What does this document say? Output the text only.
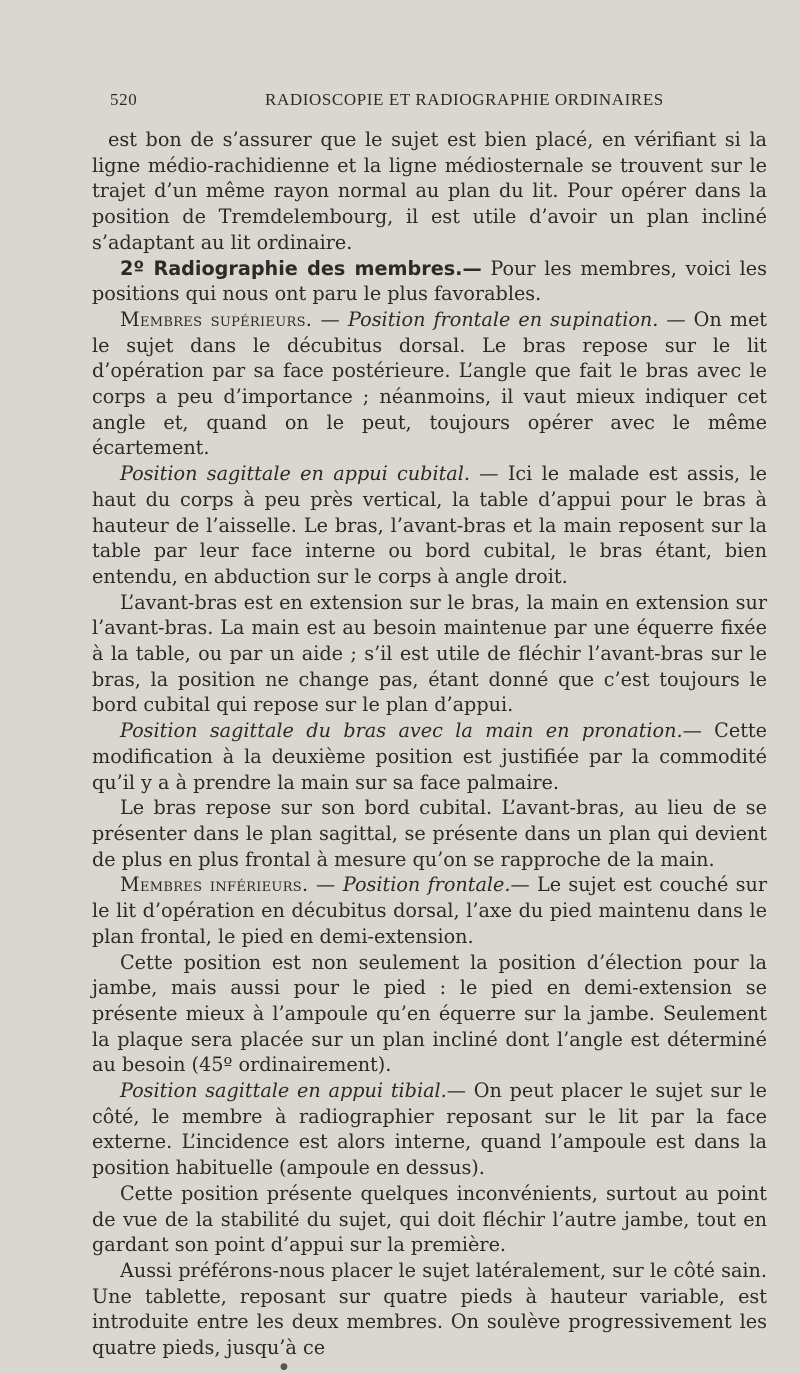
520	RADIOSCOPIE ET RADIOGRAPHIE ORDINAIRES

est bon de s’assurer que le sujet est bien placé, en vérifiant si la ligne médio-rachidienne et la ligne médiosternale se trouvent sur le trajet d’un même rayon normal au plan du lit. Pour opérer dans la position de Tremdelembourg, il est utile d’avoir un plan incliné s’adaptant au lit ordinaire.

2º Radiographie des membres.— Pour les membres, voici les positions qui nous ont paru le plus favorables.

Membres supérieurs. — Position frontale en supination. — On met le sujet dans le décubitus dorsal. Le bras repose sur le lit d’opération par sa face postérieure. L’angle que fait le bras avec le corps a peu d’importance ; néanmoins, il vaut mieux indiquer cet angle et, quand on le peut, toujours opérer avec le même écartement.

Position sagittale en appui cubital. — Ici le malade est assis, le haut du corps à peu près vertical, la table d’appui pour le bras à hauteur de l’aisselle. Le bras, l’avant-bras et la main reposent sur la table par leur face interne ou bord cubital, le bras étant, bien entendu, en abduction sur le corps à angle droit.

L’avant-bras est en extension sur le bras, la main en extension sur l’avant-bras. La main est au besoin maintenue par une équerre fixée à la table, ou par un aide ; s’il est utile de fléchir l’avant-bras sur le bras, la position ne change pas, étant donné que c’est toujours le bord cubital qui repose sur le plan d’appui.

Position sagittale du bras avec la main en pronation.— Cette modification à la deuxième position est justifiée par la commodité qu’il y a à prendre la main sur sa face palmaire.

Le bras repose sur son bord cubital. L’avant-bras, au lieu de se présenter dans le plan sagittal, se présente dans un plan qui devient de plus en plus frontal à mesure qu’on se rapproche de la main.

Membres inférieurs. — Position frontale.— Le sujet est couché sur le lit d’opération en décubitus dorsal, l’axe du pied maintenu dans le plan frontal, le pied en demi-extension.

Cette position est non seulement la position d’élection pour la jambe, mais aussi pour le pied : le pied en demi-extension se présente mieux à l’ampoule qu’en équerre sur la jambe. Seulement la plaque sera placée sur un plan incliné dont l’angle est déterminé au besoin (45º ordinairement).

Position sagittale en appui tibial.— On peut placer le sujet sur le côté, le membre à radiographier reposant sur le lit par la face externe. L’incidence est alors interne, quand l’ampoule est dans la position habituelle (ampoule en dessus).

Cette position présente quelques inconvénients, surtout au point de vue de la stabilité du sujet, qui doit fléchir l’autre jambe, tout en gardant son point d’appui sur la première.

Aussi préférons-nous placer le sujet latéralement, sur le côté sain. Une tablette, reposant sur quatre pieds à hauteur variable, est introduite entre les deux membres. On soulève progressivement les quatre pieds, jusqu’à ce

●
